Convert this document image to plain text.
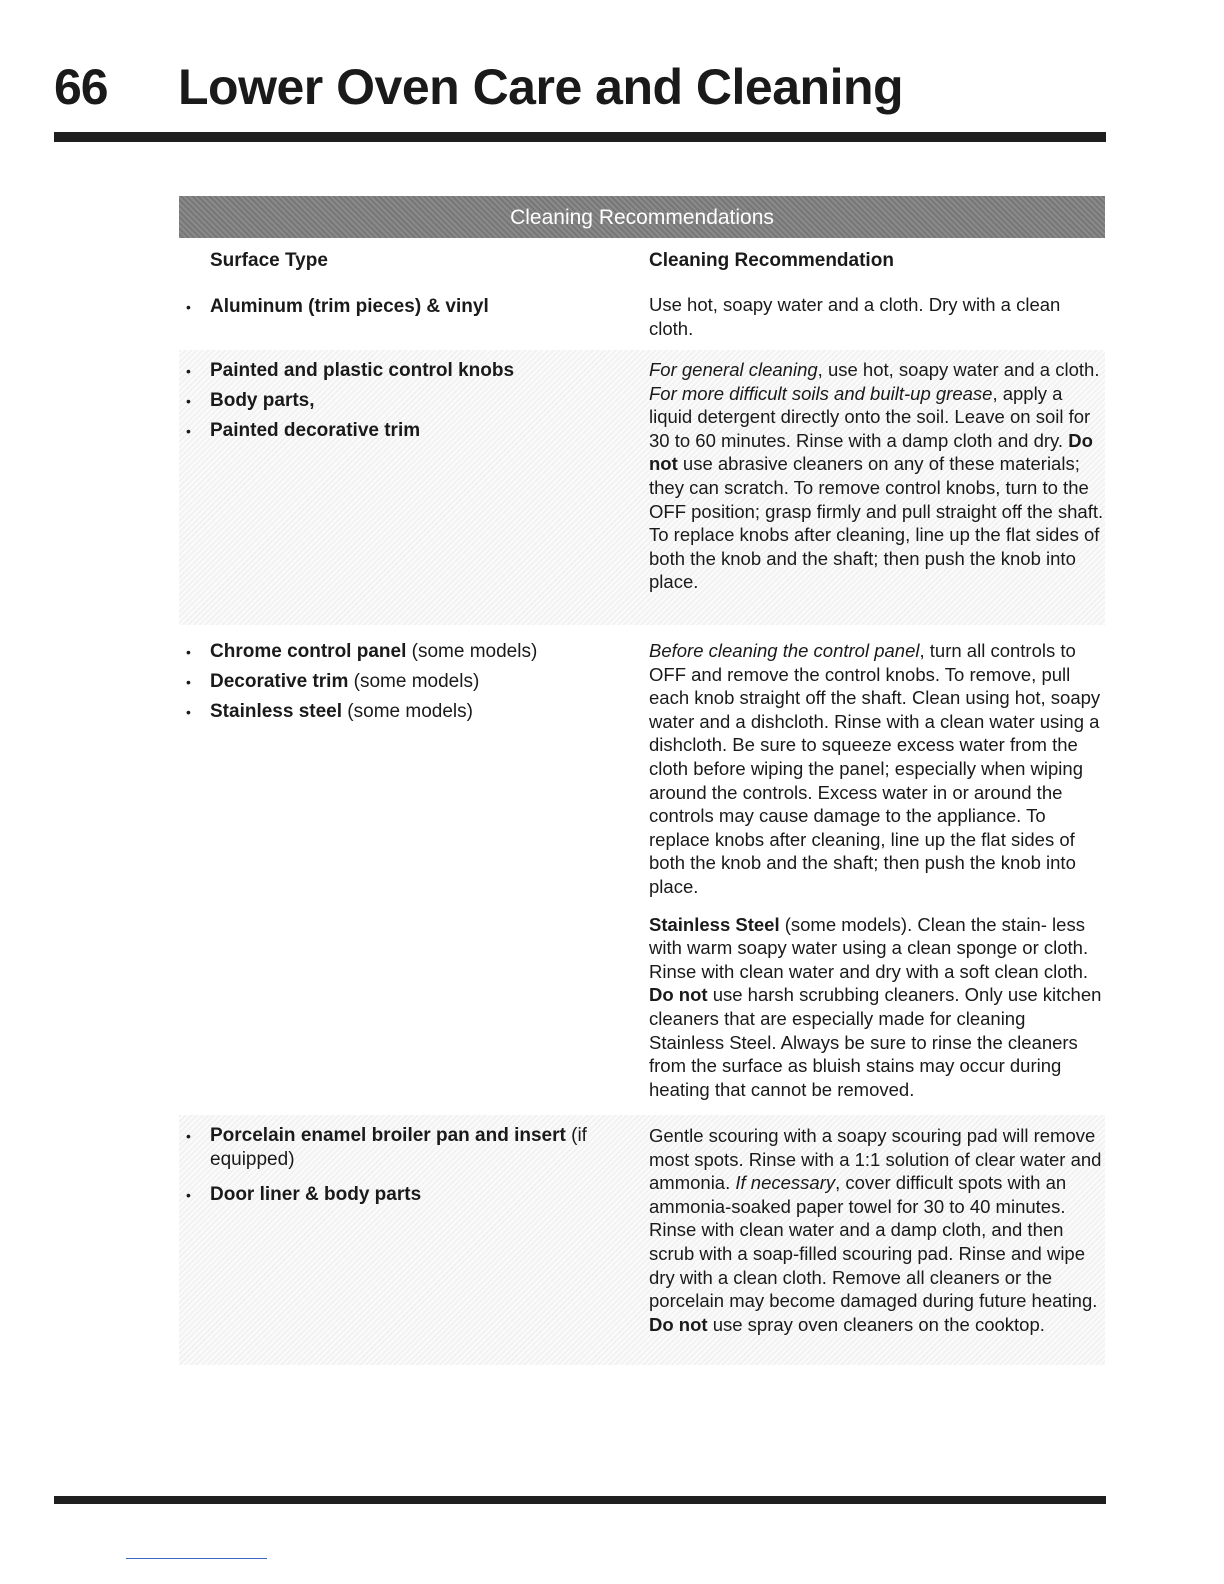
66 Lower Oven Care and Cleaning
Cleaning Recommendations
Surface Type	Cleaning Recommendation
• Aluminum (trim pieces) & vinyl	Use hot, soapy water and a cloth. Dry with a clean cloth.

• Painted and plastic control knobs
• Body parts,
• Painted decorative trim

For general cleaning, use hot, soapy water and a cloth. For more difficult soils and built-up grease, apply a liquid detergent directly onto the soil. Leave on soil for 30 to 60 minutes. Rinse with a damp cloth and dry. Do not use abrasive cleaners on any of these materials; they can scratch. To remove control knobs, turn to the OFF position; grasp firmly and pull straight off the shaft. To replace knobs after cleaning, line up the flat sides of both the knob and the shaft; then push the knob into place.

• Chrome control panel (some models)
• Decorative trim (some models)
• Stainless steel (some models)

Before cleaning the control panel, turn all controls to OFF and remove the control knobs. To remove, pull each knob straight off the shaft. Clean using hot, soapy water and a dishcloth. Rinse with a clean water using a dishcloth. Be sure to squeeze excess water from the cloth before wiping the panel; especially when wiping around the controls. Excess water in or around the controls may cause damage to the appliance. To replace knobs after cleaning, line up the flat sides of both the knob and the shaft; then push the knob into place.

Stainless Steel (some models). Clean the stain- less with warm soapy water using a clean sponge or cloth. Rinse with clean water and dry with a soft clean cloth. Do not use harsh scrubbing cleaners. Only use kitchen cleaners that are especially made for cleaning Stainless Steel. Always be sure to rinse the cleaners from the surface as bluish stains may occur during heating that cannot be removed.

• Porcelain enamel broiler pan and insert (if equipped)
• Door liner & body parts

Gentle scouring with a soapy scouring pad will remove most spots. Rinse with a 1:1 solution of clear water and ammonia. If necessary, cover difficult spots with an ammonia-soaked paper towel for 30 to 40 minutes. Rinse with clean water and a damp cloth, and then scrub with a soap-filled scouring pad. Rinse and wipe dry with a clean cloth. Remove all cleaners or the porcelain may become damaged during future heating. Do not use spray oven cleaners on the cooktop.
